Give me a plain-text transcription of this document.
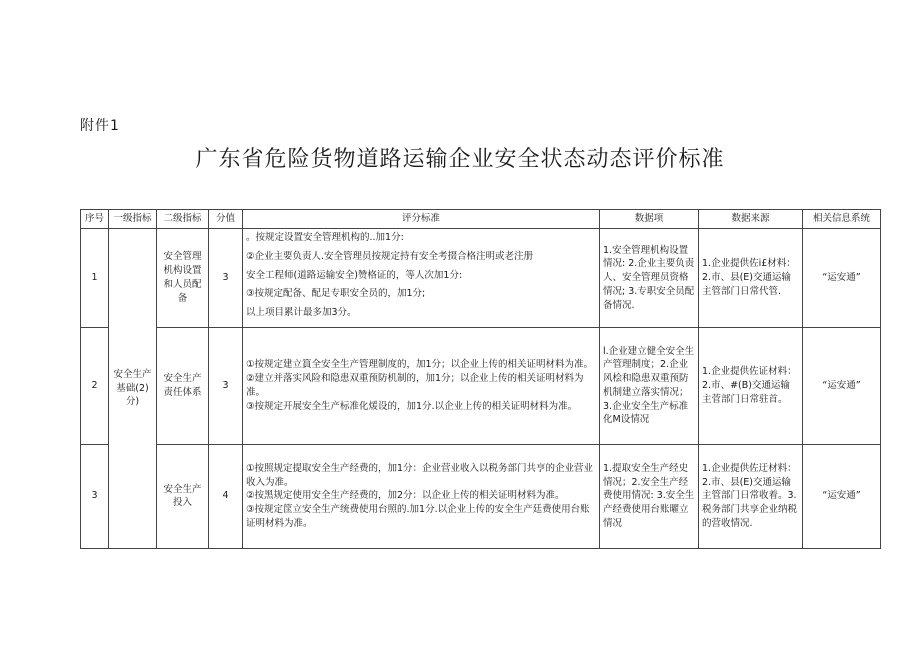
附件1
广东省危险货物道路运输企业安全状态动态评价标准
序号	一级指标	二级指标	分值	评分标准	数据项	数据来源	相关信息系统
1	安全生产基础(2)分)	安全管理机构设置和人员配备	3	。按规定设置安全管理机构的..加1分:

②企业主要负责人.安全管理员按规定持有安全考掇合格注明或老注册

安全工程师(道路运输安全)赞格证的，等人次加1分:

③按规定配备、配足专职安全员的，加1分;

以上项目累计最多加3分。	1.安全管理机构设置情况: 2.企业主要负责人、安全管理员资格情况; 3.专职安全员配备情况.	1.企业提供佐i£材料：2.市、县(E)交通运输主管部门日常代管.	“运安通”
2		安全生产责任体系	3	①按规定建立篔全安全生产管理制度的，加1分；以企业上传的相关证明材料为准。

②建立并落实风险和隐患双重预防机制的，加1分；以企业上传的相关证明材料为准。

③按规定开展安全生产标准化煖设的，加1分.以企业上传的相关证明材料为准。	l.企业建立健全安全生产管理制度；2.企业风桧和隐患双重预防机制建立落实情况；3.企业安全生产标准化M设情况	1.企业提供佐证材料：2.市、#(B)交通运输主菅部门日常驻首。	“运安通”
3		安全生产投入	4	①按照规定提取安全生产经费的，加1分：企业营业收入以税务部门共亨的企业营业收入为准。

②按黑规定使用安全生产经费的，加2分：以企业上传的相关证明材料为准。

③按规定筐立安全生产统费使用台照的.加1分.以企业上传的安全生产廷费使用台账证明材料为准。	1.提取安全生产经史情况；2.安全生产经费使用情况: 3.安全生产经费使用台账曜立情况	1.企业提供佐迂材料：2.市、县(E)交通运输主管部门日常收着。3.税务部门共享企业纳税的营收情况.	“运安通”
